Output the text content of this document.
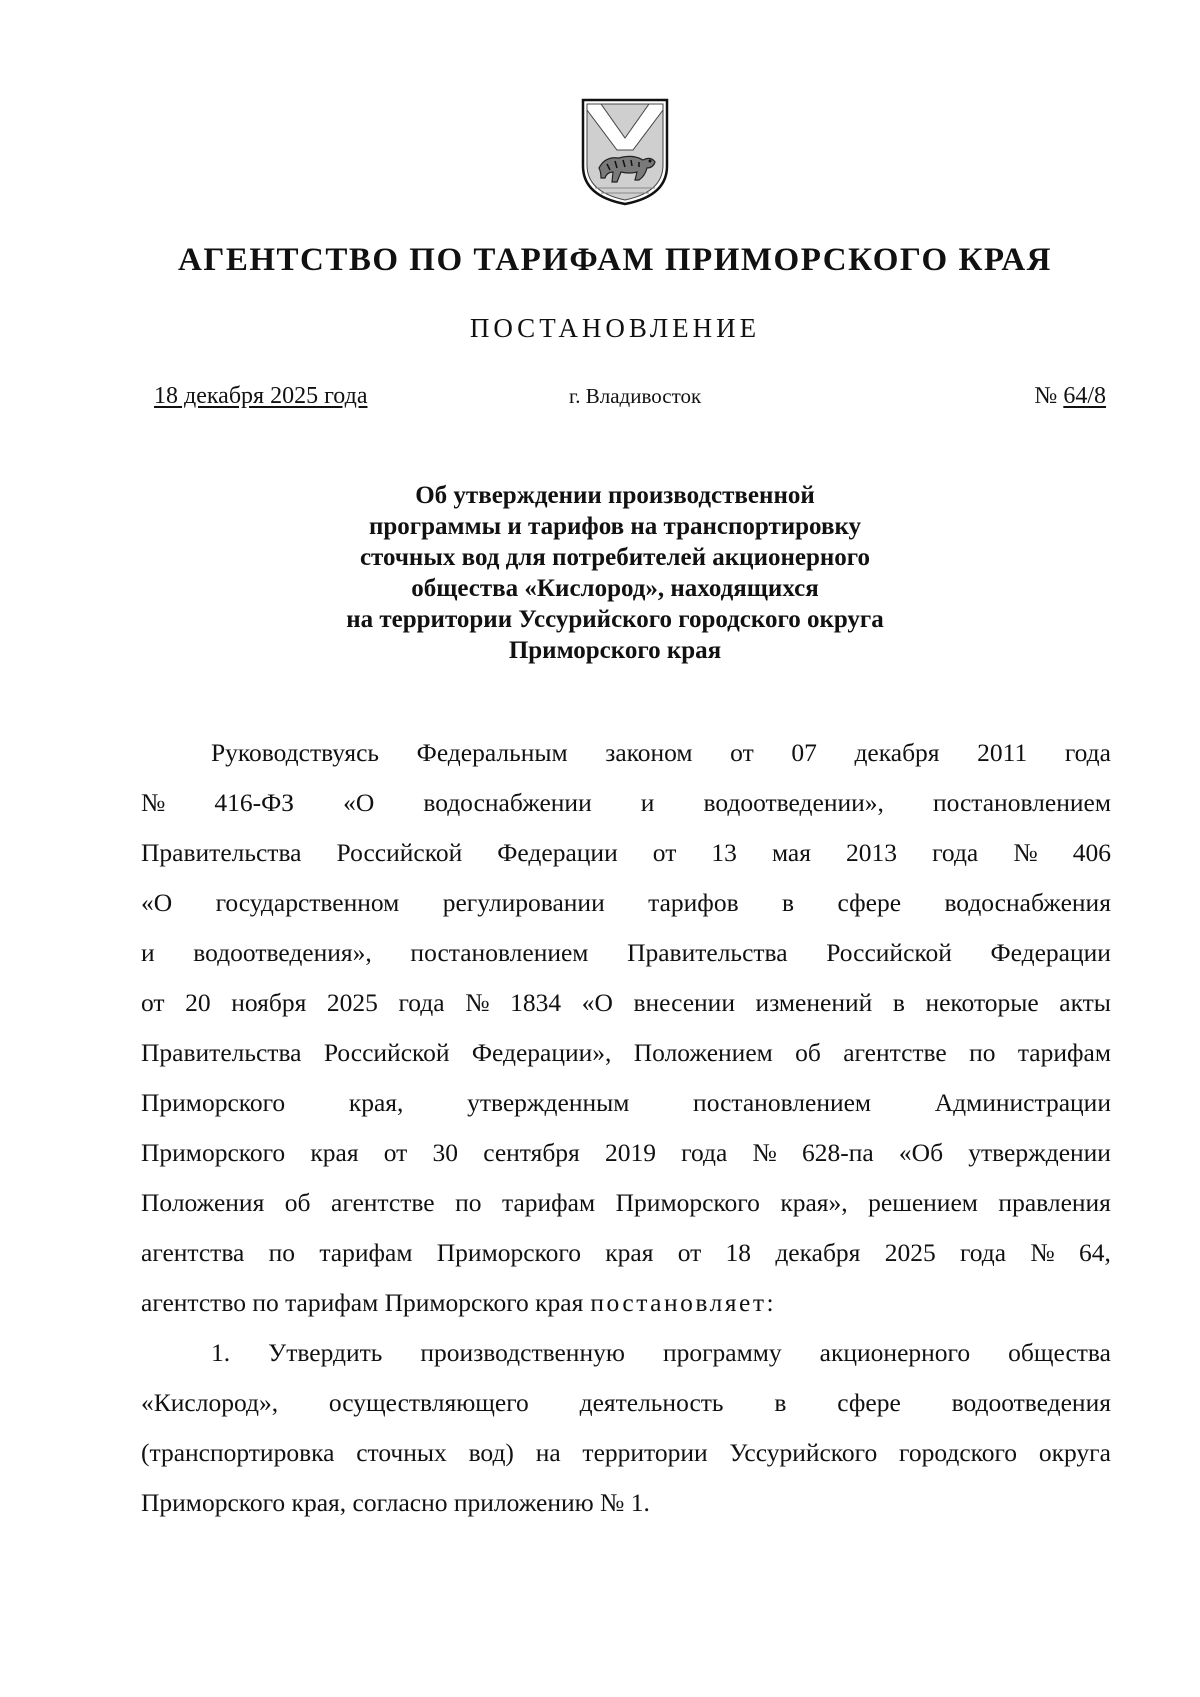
АГЕНТСТВО ПО ТАРИФАМ ПРИМОРСКОГО КРАЯ
ПОСТАНОВЛЕНИЕ
18 декабря 2025 года	г. Владивосток	№ 64/8
Об утверждении производственной
программы и тарифов на транспортировку
сточных вод для потребителей акционерного
общества «Кислород», находящихся
на территории Уссурийского городского округа
Приморского края
Руководствуясь Федеральным законом от 07 декабря 2011 года
№ 416-ФЗ «О водоснабжении и водоотведении», постановлением
Правительства Российской Федерации от 13 мая 2013 года № 406
«О государственном регулировании тарифов в сфере водоснабжения
и водоотведения», постановлением Правительства Российской Федерации
от 20 ноября 2025 года № 1834 «О внесении изменений в некоторые акты
Правительства Российской Федерации», Положением об агентстве по тарифам
Приморского края, утвержденным постановлением Администрации
Приморского края от 30 сентября 2019 года № 628-па «Об утверждении
Положения об агентстве по тарифам Приморского края», решением правления
агентства по тарифам Приморского края от 18 декабря 2025 года № 64,
агентство по тарифам Приморского края постановляет:
1. Утвердить производственную программу акционерного общества
«Кислород», осуществляющего деятельность в сфере водоотведения
(транспортировка сточных вод) на территории Уссурийского городского округа
Приморского края, согласно приложению № 1.
